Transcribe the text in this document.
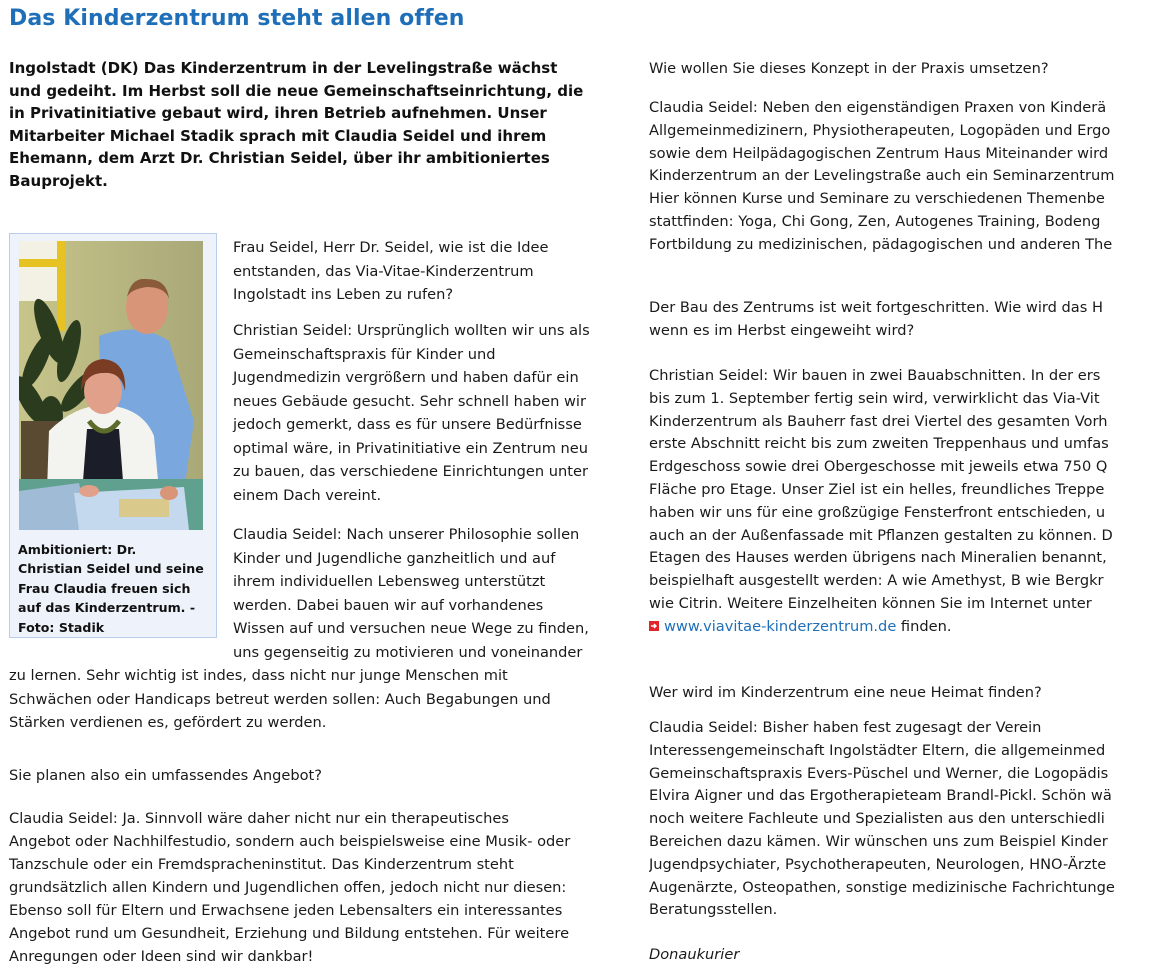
Das Kinderzentrum steht allen offen
Ingolstadt (DK) Das Kinderzentrum in der Levelingstraße wächst
und gedeiht. Im Herbst soll die neue Gemeinschaftseinrichtung, die
in Privatinitiative gebaut wird, ihren Betrieb aufnehmen. Unser
Mitarbeiter Michael Stadik sprach mit Claudia Seidel und ihrem
Ehemann, dem Arzt Dr. Christian Seidel, über ihr ambitioniertes
Bauprojekt.
Ambitioniert: Dr.
Christian Seidel und seine
Frau Claudia freuen sich
auf das Kinderzentrum. -
Foto: Stadik
Frau Seidel, Herr Dr. Seidel, wie ist die Idee
entstanden, das Via-Vitae-Kinderzentrum
Ingolstadt ins Leben zu rufen?
Christian Seidel: Ursprünglich wollten wir uns als
Gemeinschaftspraxis für Kinder und
Jugendmedizin vergrößern und haben dafür ein
neues Gebäude gesucht. Sehr schnell haben wir
jedoch gemerkt, dass es für unsere Bedürfnisse
optimal wäre, in Privatinitiative ein Zentrum neu
zu bauen, das verschiedene Einrichtungen unter
einem Dach vereint.
Claudia Seidel: Nach unserer Philosophie sollen
Kinder und Jugendliche ganzheitlich und auf
ihrem individuellen Lebensweg unterstützt
werden. Dabei bauen wir auf vorhandenes
Wissen auf und versuchen neue Wege zu finden,
uns gegenseitig zu motivieren und voneinander
zu lernen. Sehr wichtig ist indes, dass nicht nur junge Menschen mit
Schwächen oder Handicaps betreut werden sollen: Auch Begabungen und
Stärken verdienen es, gefördert zu werden.
Sie planen also ein umfassendes Angebot?
Claudia Seidel: Ja. Sinnvoll wäre daher nicht nur ein therapeutisches
Angebot oder Nachhilfestudio, sondern auch beispielsweise eine Musik- oder
Tanzschule oder ein Fremdspracheninstitut. Das Kinderzentrum steht
grundsätzlich allen Kindern und Jugendlichen offen, jedoch nicht nur diesen:
Ebenso soll für Eltern und Erwachsene jeden Lebensalters ein interessantes
Angebot rund um Gesundheit, Erziehung und Bildung entstehen. Für weitere
Anregungen oder Ideen sind wir dankbar!
Wie wollen Sie dieses Konzept in der Praxis umsetzen?
Claudia Seidel: Neben den eigenständigen Praxen von Kinderä
Allgemeinmedizinern, Physiotherapeuten, Logopäden und Ergo
sowie dem Heilpädagogischen Zentrum Haus Miteinander wird
Kinderzentrum an der Levelingstraße auch ein Seminarzentrum
Hier können Kurse und Seminare zu verschiedenen Themenbe
stattfinden: Yoga, Chi Gong, Zen, Autogenes Training, Bodeng
Fortbildung zu medizinischen, pädagogischen und anderen The
Der Bau des Zentrums ist weit fortgeschritten. Wie wird das H
wenn es im Herbst eingeweiht wird?
Christian Seidel: Wir bauen in zwei Bauabschnitten. In der ers
bis zum 1. September fertig sein wird, verwirklicht das Via-Vit
Kinderzentrum als Bauherr fast drei Viertel des gesamten Vorh
erste Abschnitt reicht bis zum zweiten Treppenhaus und umfas
Erdgeschoss sowie drei Obergeschosse mit jeweils etwa 750 Q
Fläche pro Etage. Unser Ziel ist ein helles, freundliches Treppe
haben wir uns für eine großzügige Fensterfront entschieden, u
auch an der Außenfassade mit Pflanzen gestalten zu können. D
Etagen des Hauses werden übrigens nach Mineralien benannt,
beispielhaft ausgestellt werden: A wie Amethyst, B wie Bergkr
wie Citrin. Weitere Einzelheiten können Sie im Internet unter
www.viavitae-kinderzentrum.de finden.
Wer wird im Kinderzentrum eine neue Heimat finden?
Claudia Seidel: Bisher haben fest zugesagt der Verein
Interessengemeinschaft Ingolstädter Eltern, die allgemeinmed
Gemeinschaftspraxis Evers-Püschel und Werner, die Logopädis
Elvira Aigner und das Ergotherapieteam Brandl-Pickl. Schön wä
noch weitere Fachleute und Spezialisten aus den unterschiedli
Bereichen dazu kämen. Wir wünschen uns zum Beispiel Kinder
Jugendpsychiater, Psychotherapeuten, Neurologen, HNO-Ärzte
Augenärzte, Osteopathen, sonstige medizinische Fachrichtunge
Beratungsstellen.
Donaukurier
